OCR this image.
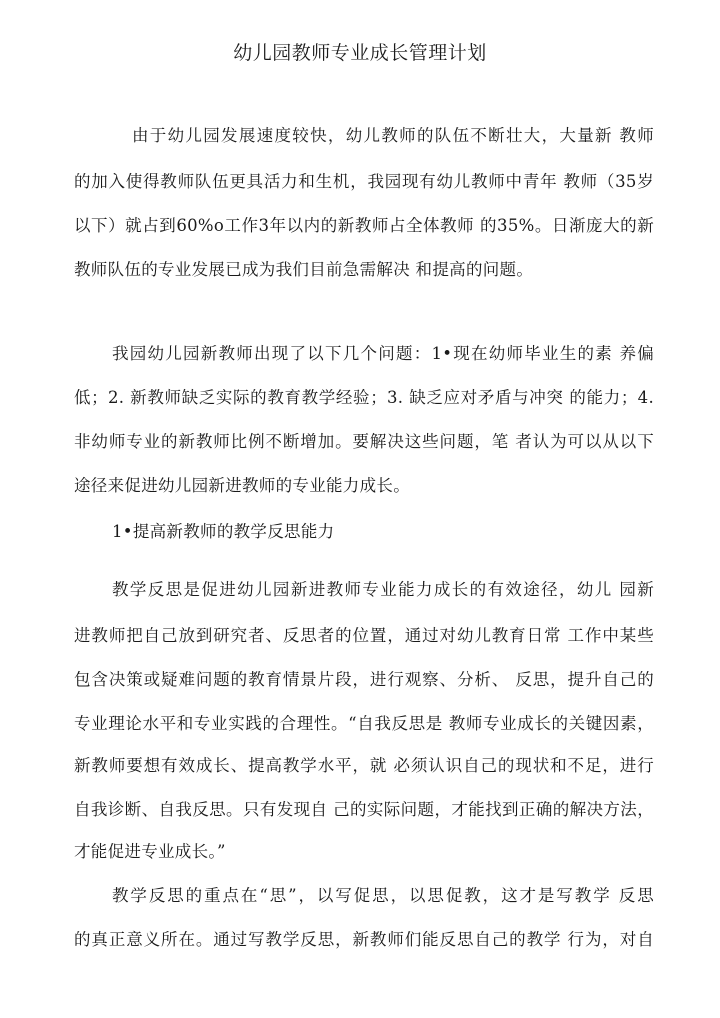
幼儿园教师专业成长管理计划

由于幼儿园发展速度较快，幼儿教师的队伍不断壮大，大量新 教师

的加入使得教师队伍更具活力和生机，我园现有幼儿教师中青年 教师（35岁

以下）就占到60%o工作3年以内的新教师占全体教师 的35%。日渐庞大的新

教师队伍的专业发展已成为我们目前急需解决 和提高的问题。

我园幼儿园新教师出现了以下几个问题：1•现在幼师毕业生的素 养偏

低；2. 新教师缺乏实际的教育教学经验；3. 缺乏应对矛盾与冲突 的能力；4.

非幼师专业的新教师比例不断增加。要解决这些问题，笔 者认为可以从以下

途径来促进幼儿园新进教师的专业能力成长。

1•提高新教师的教学反思能力

教学反思是促进幼儿园新进教师专业能力成长的有效途径，幼儿 园新

进教师把自己放到研究者、反思者的位置，通过对幼儿教育日常 工作中某些

包含决策或疑难问题的教育情景片段，进行观察、分析、 反思，提升自己的

专业理论水平和专业实践的合理性。“自我反思是 教师专业成长的关键因素，

新教师要想有效成长、提高教学水平，就 必须认识自己的现状和不足，进行

自我诊断、自我反思。只有发现自 己的实际问题，才能找到正确的解决方法，

才能促进专业成长。”

教学反思的重点在“思”，以写促思，以思促教，这才是写教学 反思

的真正意义所在。通过写教学反思，新教师们能反思自己的教学 行为，对自
